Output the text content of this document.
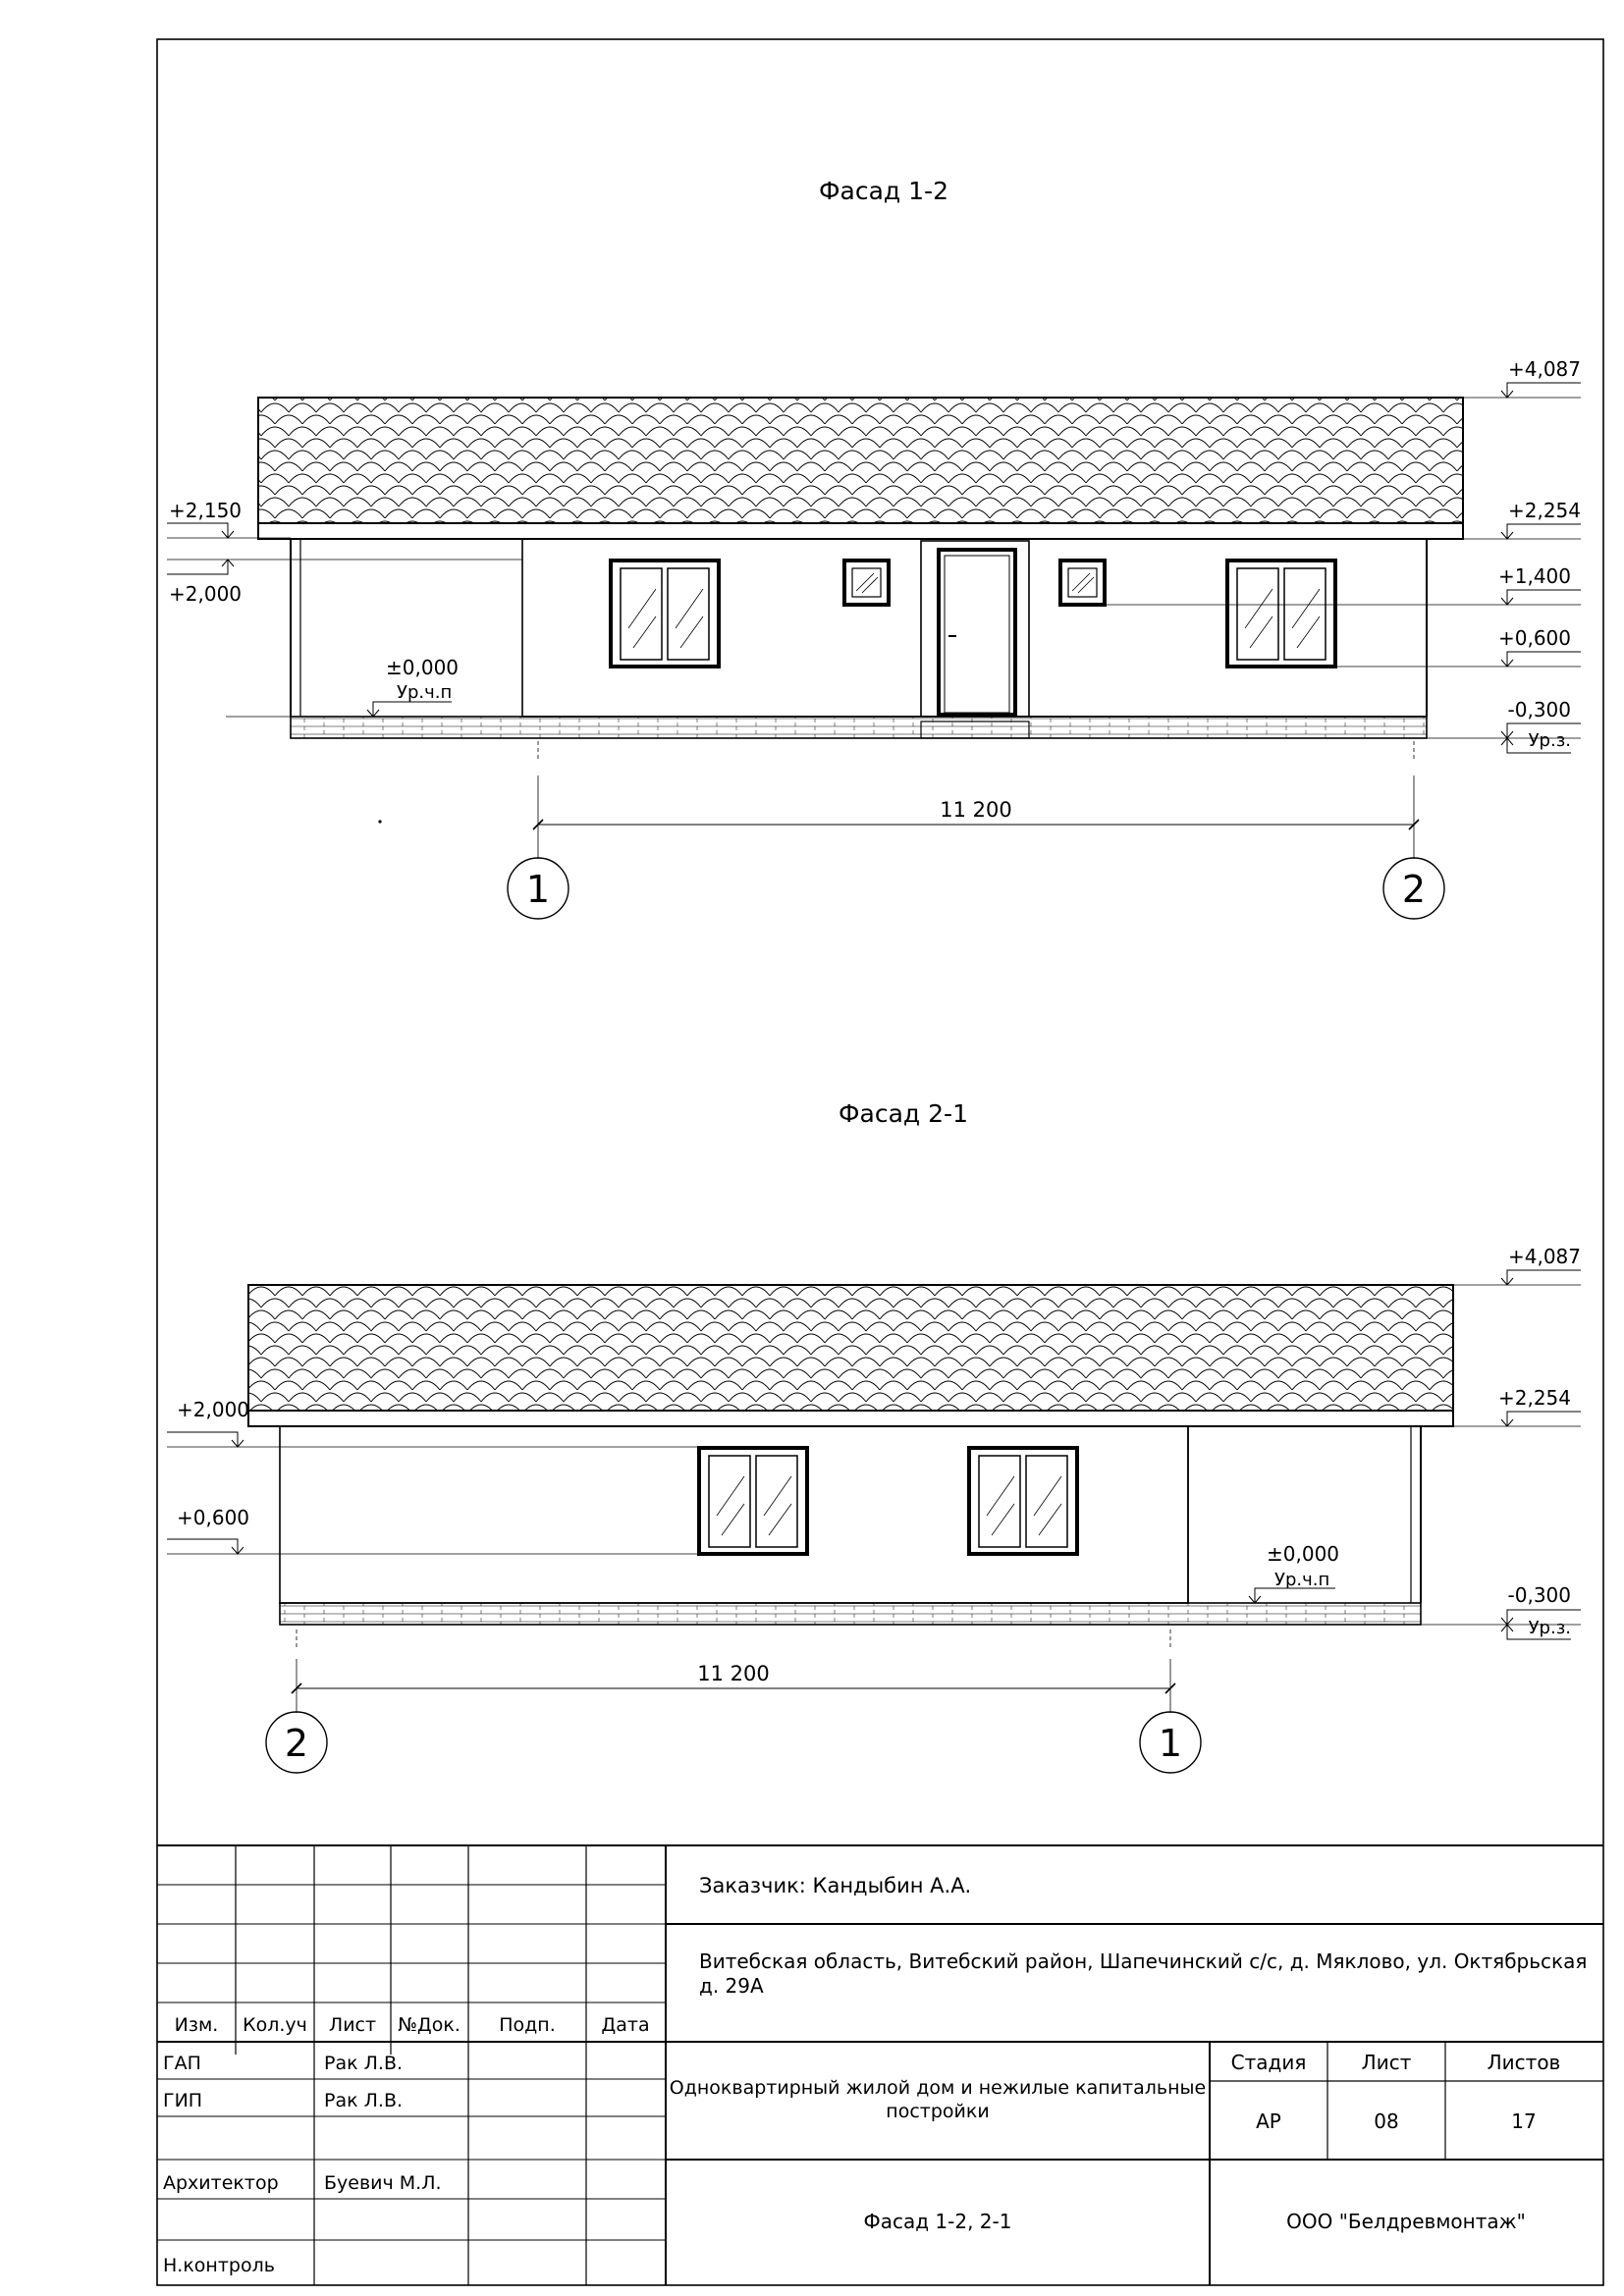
Фасад 1-2
+4,087
+2,254
+1,400
+0,600
-0,300
Ур.з.
+2,150
+2,000
±0,000
Ур.ч.п
11 200
1	2
Фасад 2-1
+4,087
+2,254
-0,300
Ур.з.
+2,000
+0,600
±0,000
Ур.ч.п
11 200
2	1
Изм. Кол.уч Лист №Док. Подп. Дата
ГАП	Рак Л.В.
ГИП	Рак Л.В.
Архитектор Буевич М.Л.
Н.контроль
Заказчик: Кандыбин А.А.
Витебская область, Витебский район, Шапечинский с/с, д. Мяклово, ул. Октябрьская
д. 29А
Одноквартирный жилой дом и нежилые капитальные
постройки
Стадия	Лист	Листов
АР	08	17
Фасад 1-2, 2-1	ООО "Белдревмонтаж"
